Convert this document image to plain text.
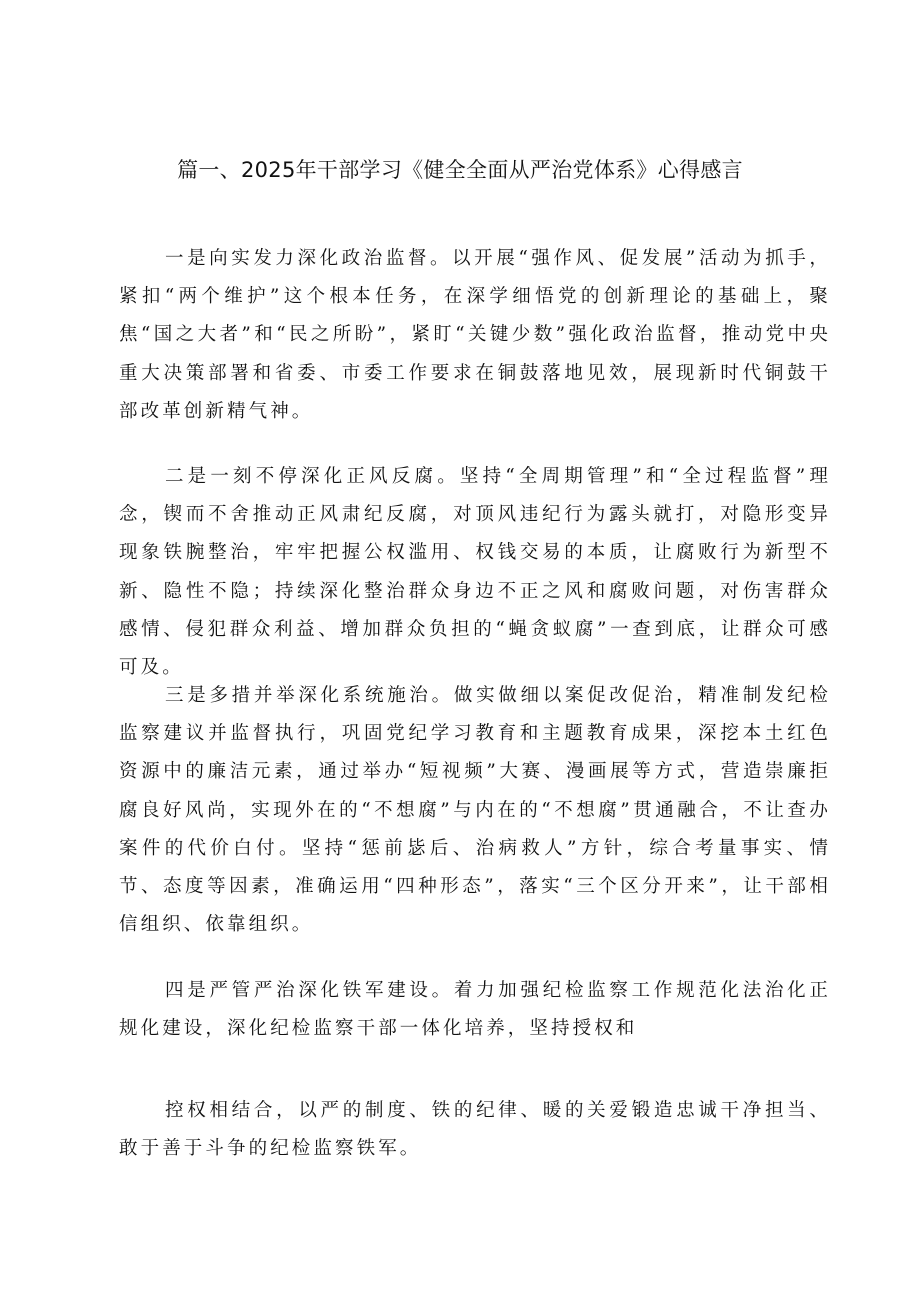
篇一、2025年干部学习《健全全面从严治党体系》心得感言

一是向实发力深化政治监督。以开展“强作风、促发展”活动为抓手，紧扣“两个维护”这个根本任务，在深学细悟党的创新理论的基础上，聚焦“国之大者”和“民之所盼”，紧盯“关键少数”强化政治监督，推动党中央重大决策部署和省委、市委工作要求在铜鼓落地见效，展现新时代铜鼓干部改革创新精气神。

二是一刻不停深化正风反腐。坚持“全周期管理”和“全过程监督”理念，锲而不舍推动正风肃纪反腐，对顶风违纪行为露头就打，对隐形变异现象铁腕整治，牢牢把握公权滥用、权钱交易的本质，让腐败行为新型不新、隐性不隐；持续深化整治群众身边不正之风和腐败问题，对伤害群众感情、侵犯群众利益、增加群众负担的“蝇贪蚁腐”一查到底，让群众可感可及。

三是多措并举深化系统施治。做实做细以案促改促治，精准制发纪检监察建议并监督执行，巩固党纪学习教育和主题教育成果，深挖本土红色资源中的廉洁元素，通过举办“短视频”大赛、漫画展等方式，营造崇廉拒腐良好风尚，实现外在的“不想腐”与内在的“不想腐”贯通融合，不让查办案件的代价白付。坚持“惩前毖后、治病救人”方针，综合考量事实、情节、态度等因素，准确运用“四种形态”，落实“三个区分开来”，让干部相信组织、依靠组织。

四是严管严治深化铁军建设。着力加强纪检监察工作规范化法治化正规化建设，深化纪检监察干部一体化培养，坚持授权和

控权相结合，以严的制度、铁的纪律、暖的关爱锻造忠诚干净担当、敢于善于斗争的纪检监察铁军。
